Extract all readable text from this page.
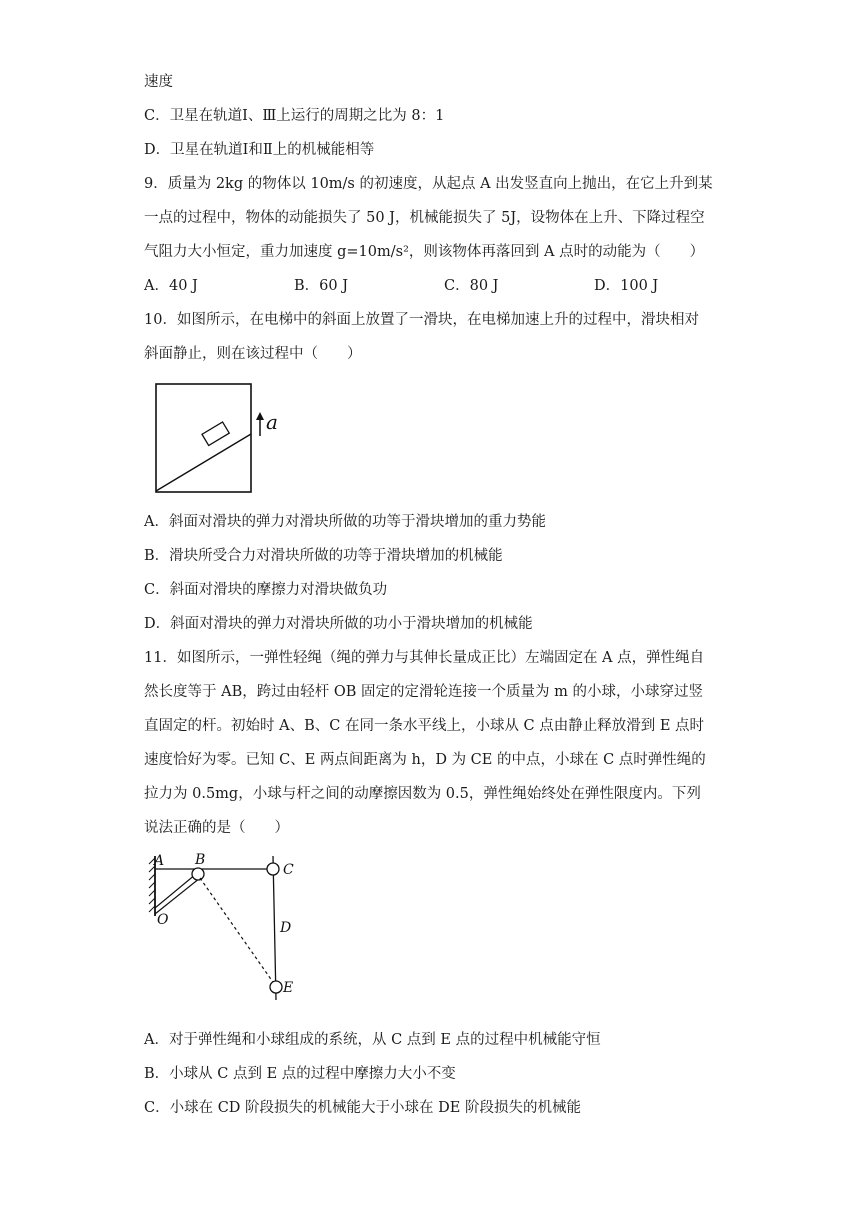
速度
C．卫星在轨道Ⅰ、Ⅲ上运行的周期之比为 8：1
D．卫星在轨道Ⅰ和Ⅱ上的机械能相等
9．质量为 2kg 的物体以 10m/s 的初速度，从起点 A 出发竖直向上抛出，在它上升到某
一点的过程中，物体的动能损失了 50 J，机械能损失了 5J，设物体在上升、下降过程空
气阻力大小恒定，重力加速度 g=10m/s²，则该物体再落回到 A 点时的动能为（　　）
A．40 J	B．60 J	C．80 J	D．100 J
10．如图所示，在电梯中的斜面上放置了一滑块，在电梯加速上升的过程中，滑块相对
斜面静止，则在该过程中（　　）
a
A．斜面对滑块的弹力对滑块所做的功等于滑块增加的重力势能
B．滑块所受合力对滑块所做的功等于滑块增加的机械能
C．斜面对滑块的摩擦力对滑块做负功
D．斜面对滑块的弹力对滑块所做的功小于滑块增加的机械能
11．如图所示，一弹性轻绳（绳的弹力与其伸长量成正比）左端固定在 A 点，弹性绳自
然长度等于 AB，跨过由轻杆 OB 固定的定滑轮连接一个质量为 m 的小球，小球穿过竖
直固定的杆。初始时 A、B、C 在同一条水平线上，小球从 C 点由静止释放滑到 E 点时
速度恰好为零。已知 C、E 两点间距离为 h，D 为 CE 的中点，小球在 C 点时弹性绳的
拉力为 0.5mg，小球与杆之间的动摩擦因数为 0.5，弹性绳始终处在弹性限度内。下列
说法正确的是（　　）
A B
C
O	D
E
A．对于弹性绳和小球组成的系统，从 C 点到 E 点的过程中机械能守恒
B．小球从 C 点到 E 点的过程中摩擦力大小不变
C．小球在 CD 阶段损失的机械能大于小球在 DE 阶段损失的机械能
